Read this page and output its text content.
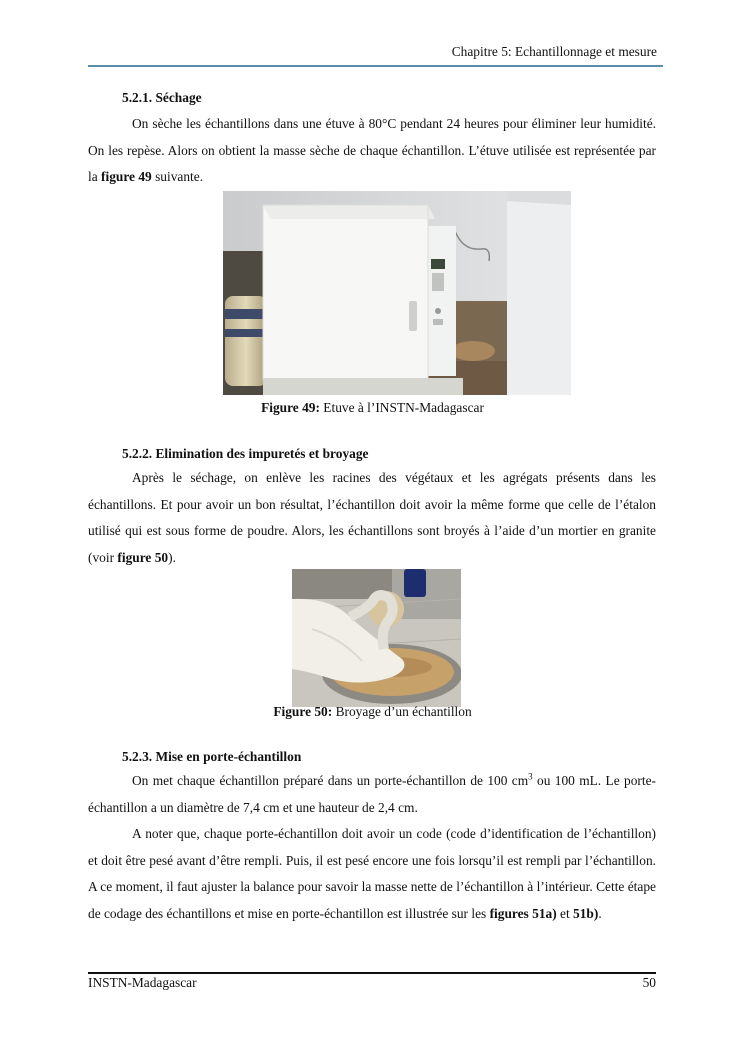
Chapitre 5: Echantillonnage et mesure
5.2.1. Séchage

On sèche les échantillons dans une étuve à 80°C pendant 24 heures pour éliminer leur humidité. On les repèse. Alors on obtient la masse sèche de chaque échantillon. L’étuve utilisée est représentée par la figure 49 suivante.

Figure 49: Etuve à l’INSTN-Madagascar
5.2.2. Elimination des impuretés et broyage

Après le séchage, on enlève les racines des végétaux et les agrégats présents dans les échantillons. Et pour avoir un bon résultat, l’échantillon doit avoir la même forme que celle de l’étalon utilisé qui est sous forme de poudre. Alors, les échantillons sont broyés à l’aide d’un mortier en granite (voir figure 50).

Figure 50: Broyage d’un échantillon
5.2.3. Mise en porte-échantillon

On met chaque échantillon préparé dans un porte-échantillon de 100 $cm^3$ ou 100 mL. Le porte-échantillon a un diamètre de 7,4 cm et une hauteur de 2,4 cm.

A noter que, chaque porte-échantillon doit avoir un code (code d’identification de l’échantillon) et doit être pesé avant d’être rempli. Puis, il est pesé encore une fois lorsqu’il est rempli par l’échantillon. A ce moment, il faut ajuster la balance pour savoir la masse nette de l’échantillon à l’intérieur. Cette étape de codage des échantillons et mise en porte-échantillon est illustrée sur les figures 51a) et 51b).

INSTN-Madagascar	50
